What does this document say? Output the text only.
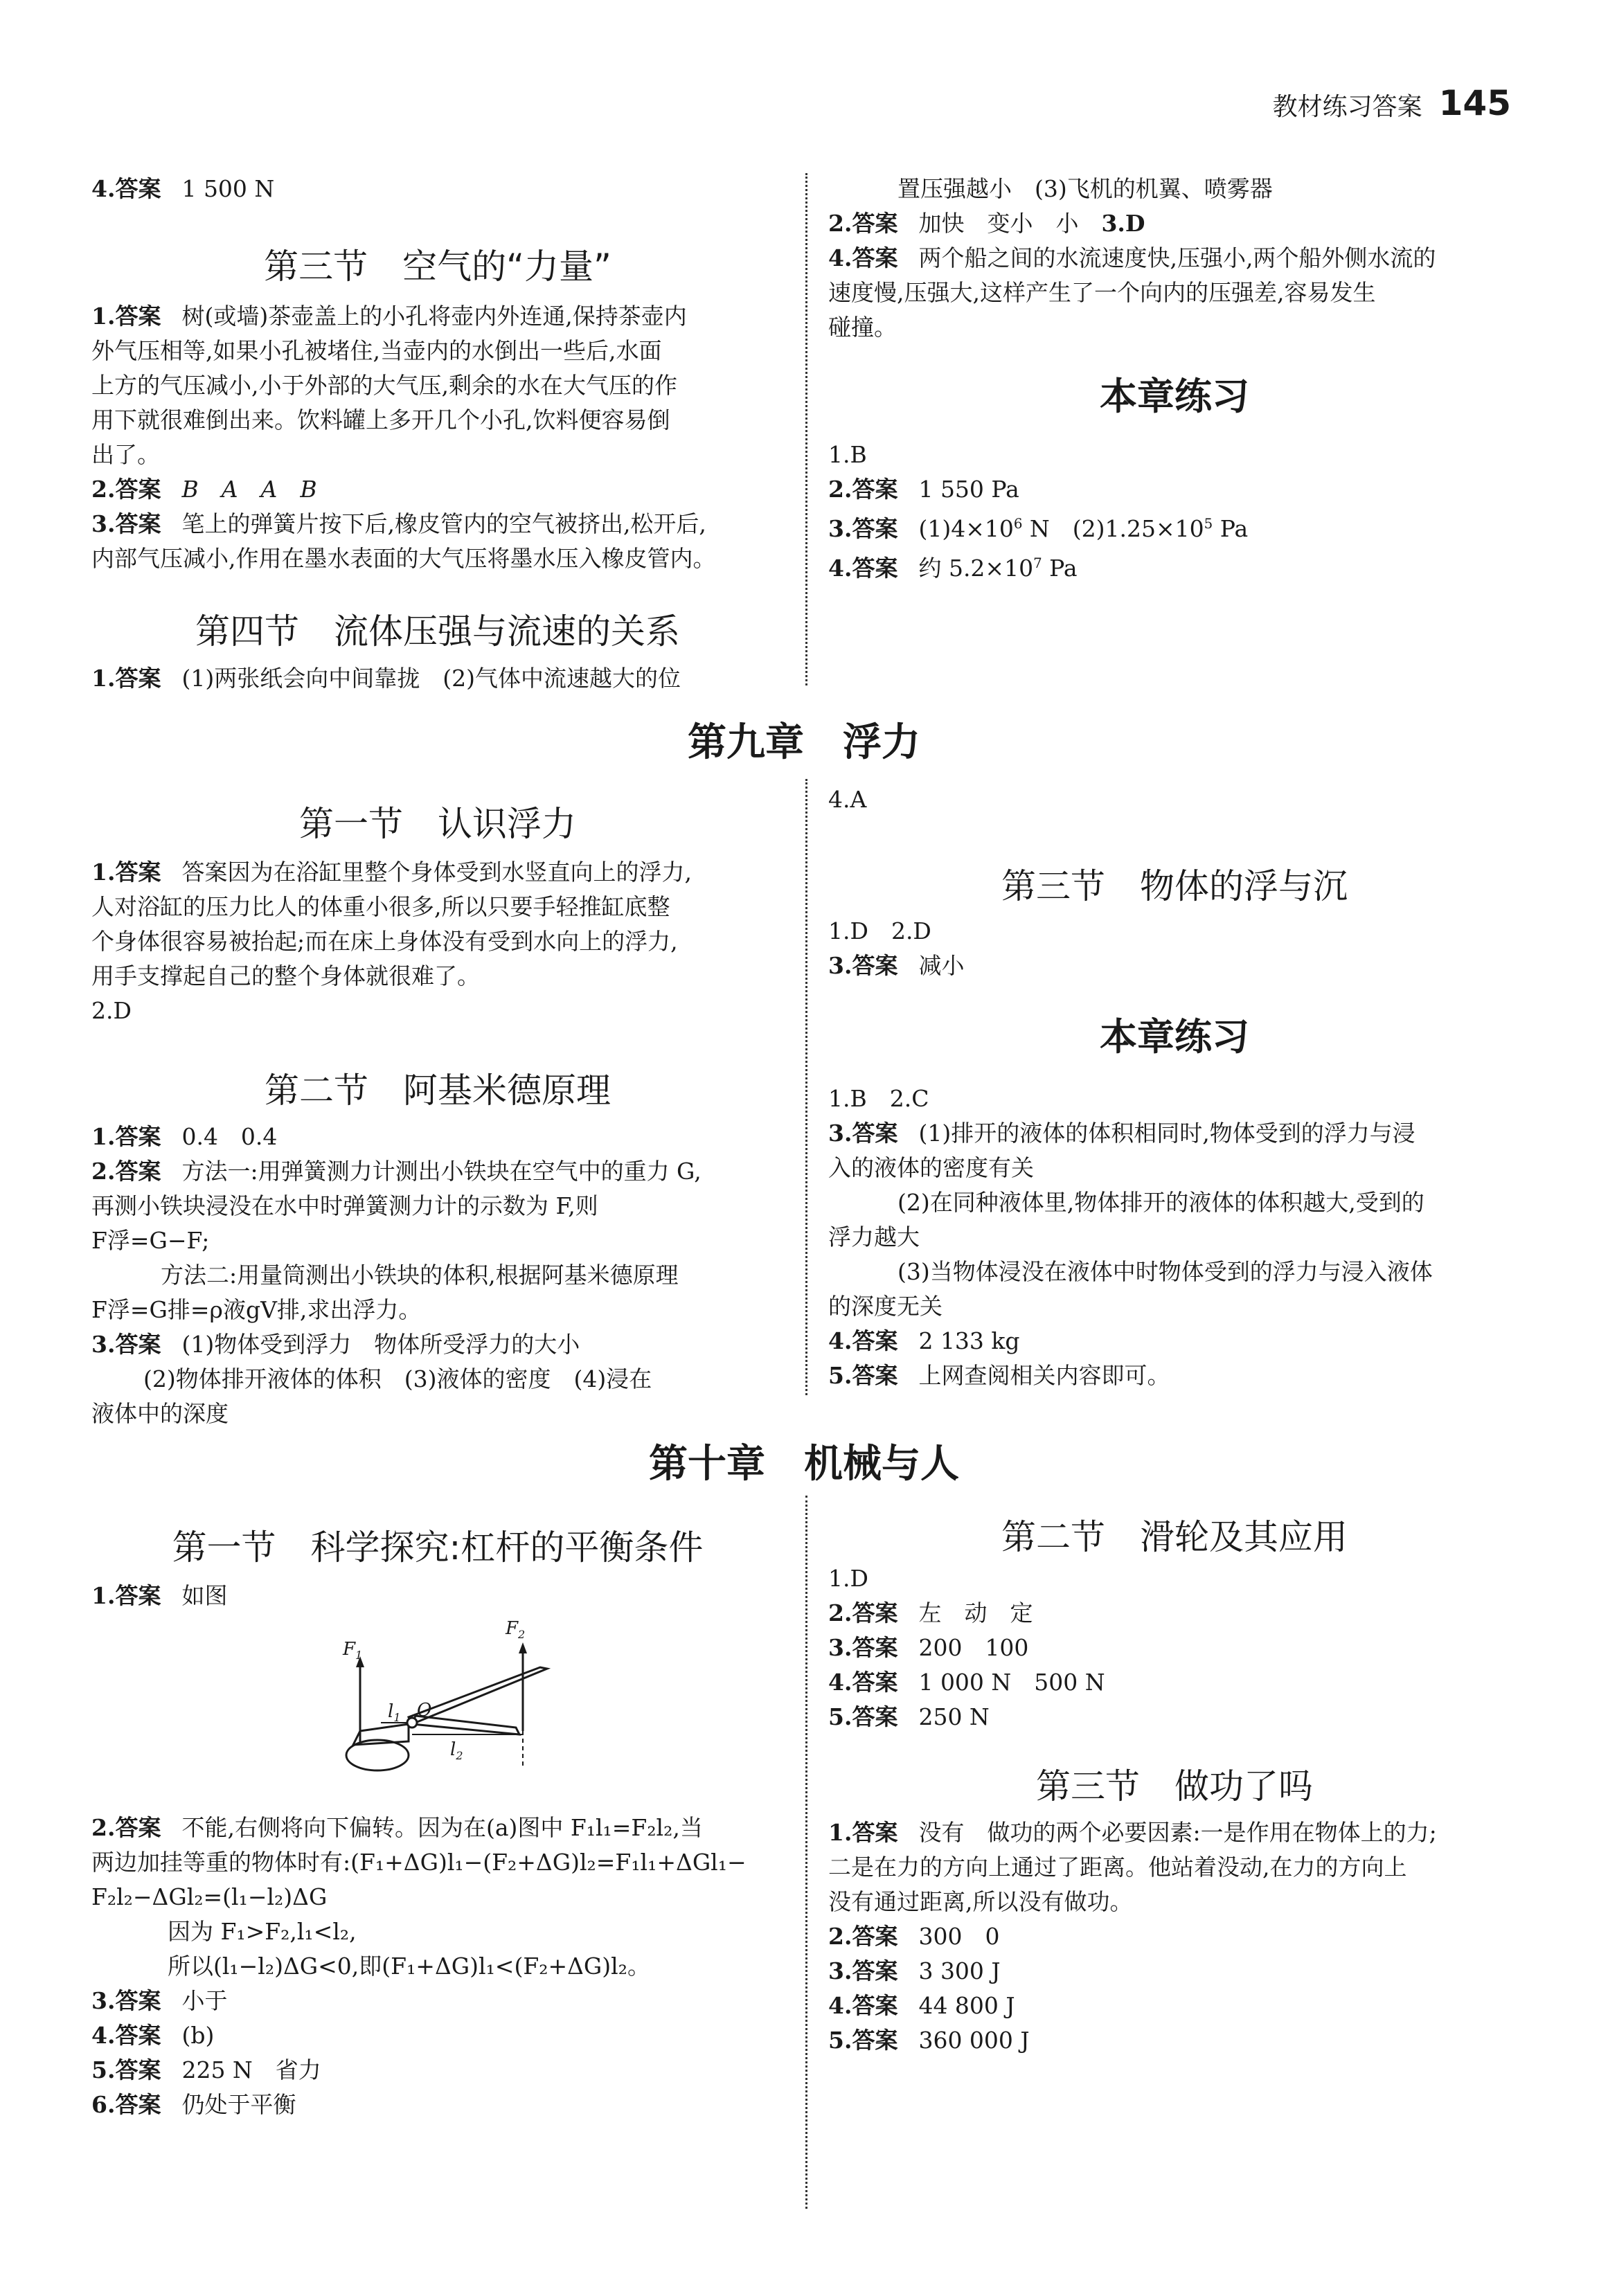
教材练习答案 145
4.答案 1 500 N
第三节　空气的“力量”
1.答案 树(或墙)茶壶盖上的小孔将壶内外连通,保持茶壶内
外气压相等,如果小孔被堵住,当壶内的水倒出一些后,水面
上方的气压减小,小于外部的大气压,剩余的水在大气压的作
用下就很难倒出来。饮料罐上多开几个小孔,饮料便容易倒
出了。
2.答案 B　A　A　B
3.答案 笔上的弹簧片按下后,橡皮管内的空气被挤出,松开后,
内部气压减小,作用在墨水表面的大气压将墨水压入橡皮管内。
第四节　流体压强与流速的关系
1.答案 (1)两张纸会向中间靠拢　(2)气体中流速越大的位
置压强越小　(3)飞机的机翼、喷雾器
2.答案 加快　变小　小　3.D
4.答案 两个船之间的水流速度快,压强小,两个船外侧水流的
速度慢,压强大,这样产生了一个向内的压强差,容易发生
碰撞。
本章练习
1.B
2.答案 1 550 Pa
3.答案 $(1)4\times 10^6$ N　$(2)1.25\times 10^5$ Pa
4.答案 约 $5.2\times 10^7$ Pa
第九章　浮力
第一节　认识浮力
1.答案 答案因为在浴缸里整个身体受到水竖直向上的浮力,
人对浴缸的压力比人的体重小很多,所以只要手轻推缸底整
个身体很容易被抬起;而在床上身体没有受到水向上的浮力,
用手支撑起自己的整个身体就很难了。
2.D
第二节　阿基米德原理
1.答案 0.4　0.4
2.答案 方法一:用弹簧测力计测出小铁块在空气中的重力 G,
再测小铁块浸没在水中时弹簧测力计的示数为 F,则
F浮=G−F;
方法二:用量筒测出小铁块的体积,根据阿基米德原理
F浮=G排=ρ液gV排,求出浮力。
3.答案 (1)物体受到浮力　物体所受浮力的大小
(2)物体排开液体的体积　(3)液体的密度　(4)浸在
液体中的深度
4.A
第三节　物体的浮与沉
1.D　2.D
3.答案 减小
本章练习
1.B　2.C
3.答案 (1)排开的液体的体积相同时,物体受到的浮力与浸
入的液体的密度有关
(2)在同种液体里,物体排开的液体的体积越大,受到的
浮力越大
(3)当物体浸没在液体中时物体受到的浮力与浸入液体
的深度无关
4.答案 2 133 kg
5.答案 上网查阅相关内容即可。
第十章　机械与人
第一节　科学探究:杠杆的平衡条件
1.答案 如图
$F_1$
$F_2$
$l_1$
$l_2$
O
2.答案 不能,右侧将向下偏转。因为在(a)图中 F₁l₁=F₂l₂,当
两边加挂等重的物体时有:(F₁+ΔG)l₁−(F₂+ΔG)l₂=F₁l₁+ΔGl₁−
F₂l₂−ΔGl₂=(l₁−l₂)ΔG
因为 F₁>F₂,l₁<l₂,
所以(l₁−l₂)ΔG<0,即(F₁+ΔG)l₁<(F₂+ΔG)l₂。
3.答案 小于
4.答案 (b)
5.答案 225 N　省力
6.答案 仍处于平衡
第二节　滑轮及其应用
1.D
2.答案 左　动　定
3.答案 200　100
4.答案 1 000 N　500 N
5.答案 250 N
第三节　做功了吗
1.答案 没有　做功的两个必要因素:一是作用在物体上的力;
二是在力的方向上通过了距离。他站着没动,在力的方向上
没有通过距离,所以没有做功。
2.答案 300　0
3.答案 3 300 J
4.答案 44 800 J
5.答案 360 000 J
